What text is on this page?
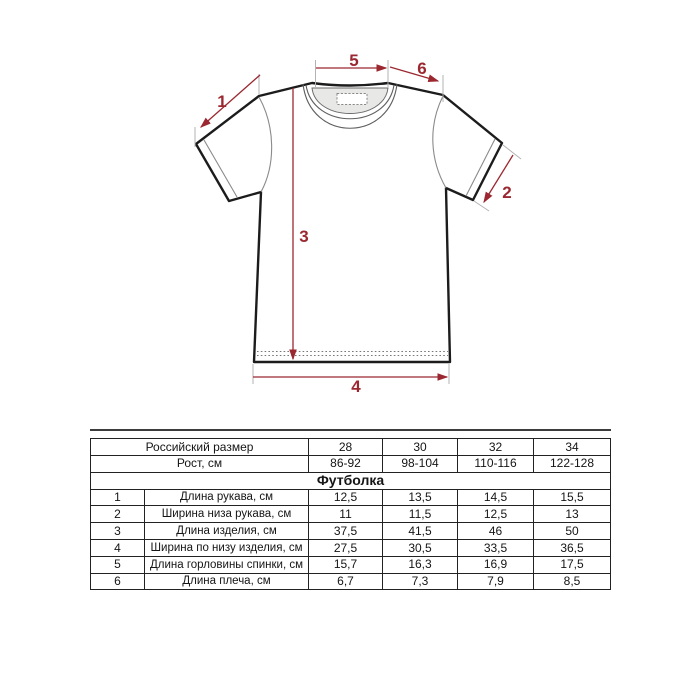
1
2
3
4
5	6
Российский размер		28	30	32	34
Рост, см		86-92	98-104	110-116	122-128
Футболка					
1	Длина рукава, см	12,5	13,5	14,5	15,5
2	Ширина низа рукава, см	11	11,5	12,5	13
3	Длина изделия, см	37,5	41,5	46	50
4	Ширина по низу изделия, см	27,5	30,5	33,5	36,5
5	Длина горловины спинки, см	15,7	16,3	16,9	17,5
6	Длина плеча, см	6,7	7,3	7,9	8,5
